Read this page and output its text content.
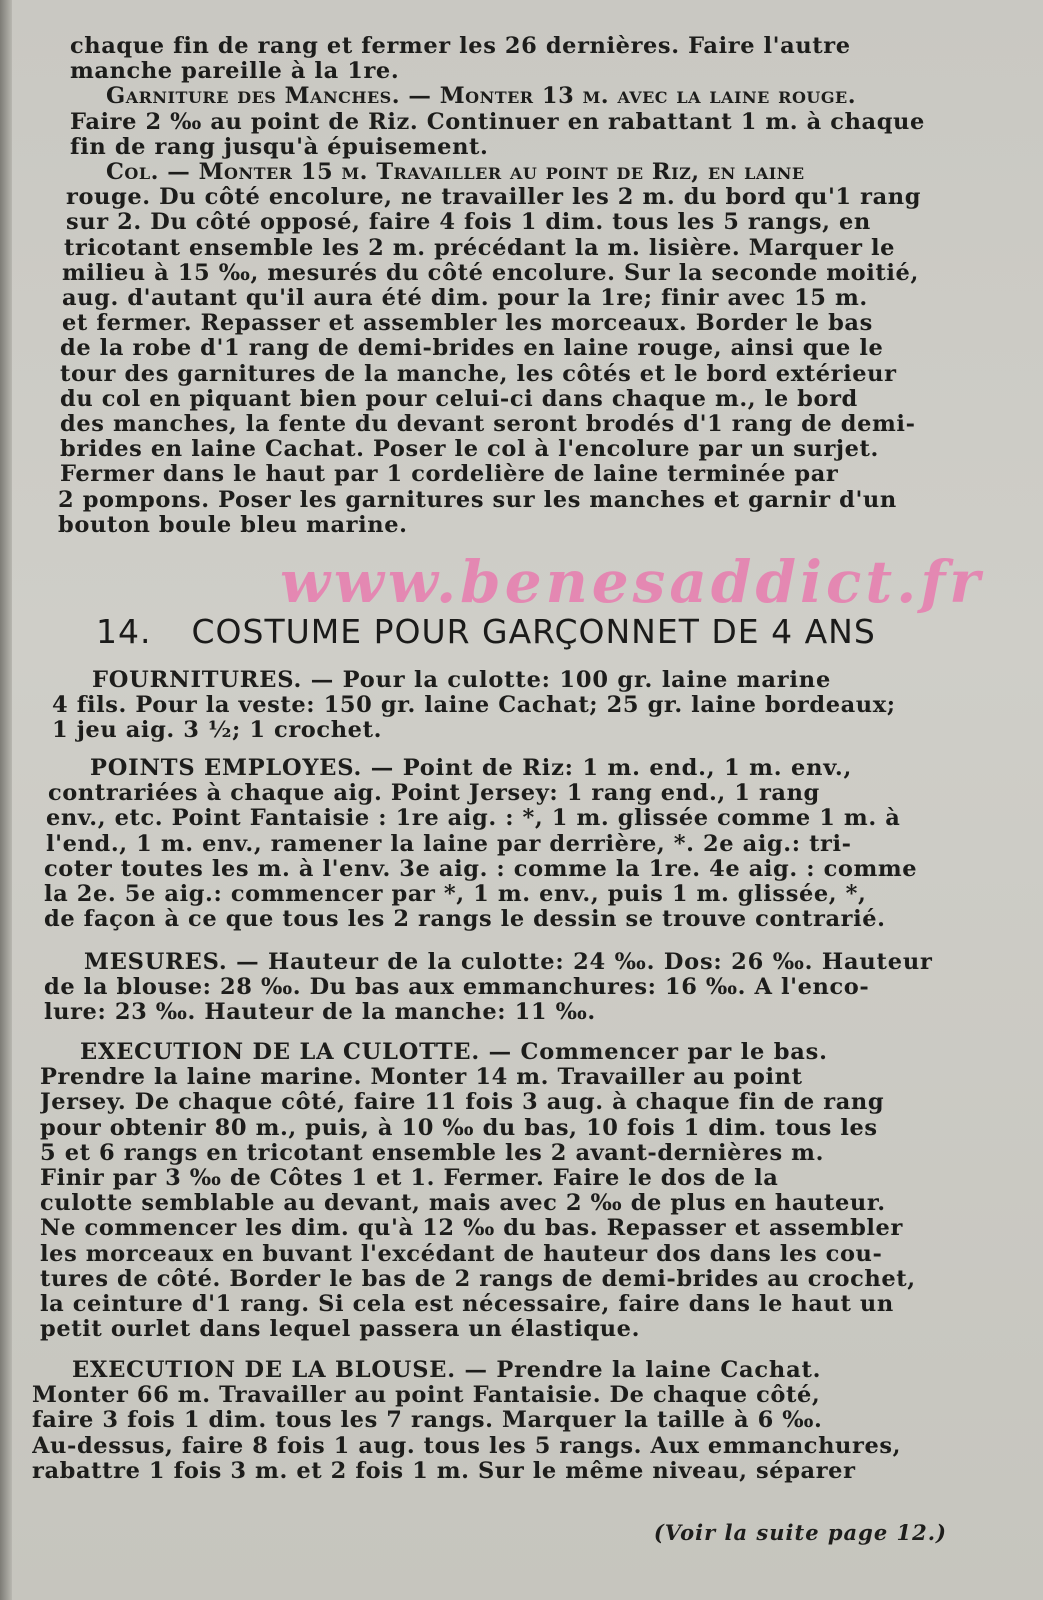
chaque fin de rang et fermer les 26 dernières. Faire l'autre
manche pareille à la 1re.

Garniture des Manches. — Monter 13 m. avec la laine rouge.
Faire 2 ‰ au point de Riz. Continuer en rabattant 1 m. à chaque
fin de rang jusqu'à épuisement.

Col. — Monter 15 m. Travailler au point de Riz, en laine
rouge. Du côté encolure, ne travailler les 2 m. du bord qu'1 rang
sur 2. Du côté opposé, faire 4 fois 1 dim. tous les 5 rangs, en
tricotant ensemble les 2 m. précédant la m. lisière. Marquer le
milieu à 15 ‰, mesurés du côté encolure. Sur la seconde moitié,
aug. d'autant qu'il aura été dim. pour la 1re; finir avec 15 m.
et fermer. Repasser et assembler les morceaux. Border le bas
de la robe d'1 rang de demi-brides en laine rouge, ainsi que le
tour des garnitures de la manche, les côtés et le bord extérieur
du col en piquant bien pour celui-ci dans chaque m., le bord
des manches, la fente du devant seront brodés d'1 rang de demi-
brides en laine Cachat. Poser le col à l'encolure par un surjet.
Fermer dans le haut par 1 cordelière de laine terminée par
2 pompons. Poser les garnitures sur les manches et garnir d'un
bouton boule bleu marine.

www.benesaddict.fr
14. COSTUME POUR GARÇONNET DE 4 ANS

FOURNITURES. — Pour la culotte: 100 gr. laine marine
4 fils. Pour la veste: 150 gr. laine Cachat; 25 gr. laine bordeaux;
1 jeu aig. 3 ½; 1 crochet.

POINTS EMPLOYES. — Point de Riz: 1 m. end., 1 m. env.,
contrariées à chaque aig. Point Jersey: 1 rang end., 1 rang
env., etc. Point Fantaisie : 1re aig. : *, 1 m. glissée comme 1 m. à
l'end., 1 m. env., ramener la laine par derrière, *. 2e aig.: tri-
coter toutes les m. à l'env. 3e aig. : comme la 1re. 4e aig. : comme
la 2e. 5e aig.: commencer par *, 1 m. env., puis 1 m. glissée, *,
de façon à ce que tous les 2 rangs le dessin se trouve contrarié.

MESURES. — Hauteur de la culotte: 24 ‰. Dos: 26 ‰. Hauteur
de la blouse: 28 ‰. Du bas aux emmanchures: 16 ‰. A l'enco-
lure: 23 ‰. Hauteur de la manche: 11 ‰.

EXECUTION DE LA CULOTTE. — Commencer par le bas.
Prendre la laine marine. Monter 14 m. Travailler au point
Jersey. De chaque côté, faire 11 fois 3 aug. à chaque fin de rang
pour obtenir 80 m., puis, à 10 ‰ du bas, 10 fois 1 dim. tous les
5 et 6 rangs en tricotant ensemble les 2 avant-dernières m.
Finir par 3 ‰ de Côtes 1 et 1. Fermer. Faire le dos de la
culotte semblable au devant, mais avec 2 ‰ de plus en hauteur.
Ne commencer les dim. qu'à 12 ‰ du bas. Repasser et assembler
les morceaux en buvant l'excédant de hauteur dos dans les cou-
tures de côté. Border le bas de 2 rangs de demi-brides au crochet,
la ceinture d'1 rang. Si cela est nécessaire, faire dans le haut un
petit ourlet dans lequel passera un élastique.

EXECUTION DE LA BLOUSE. — Prendre la laine Cachat.
Monter 66 m. Travailler au point Fantaisie. De chaque côté,
faire 3 fois 1 dim. tous les 7 rangs. Marquer la taille à 6 ‰.
Au-dessus, faire 8 fois 1 aug. tous les 5 rangs. Aux emmanchures,
rabattre 1 fois 3 m. et 2 fois 1 m. Sur le même niveau, séparer

(Voir la suite page 12.)
